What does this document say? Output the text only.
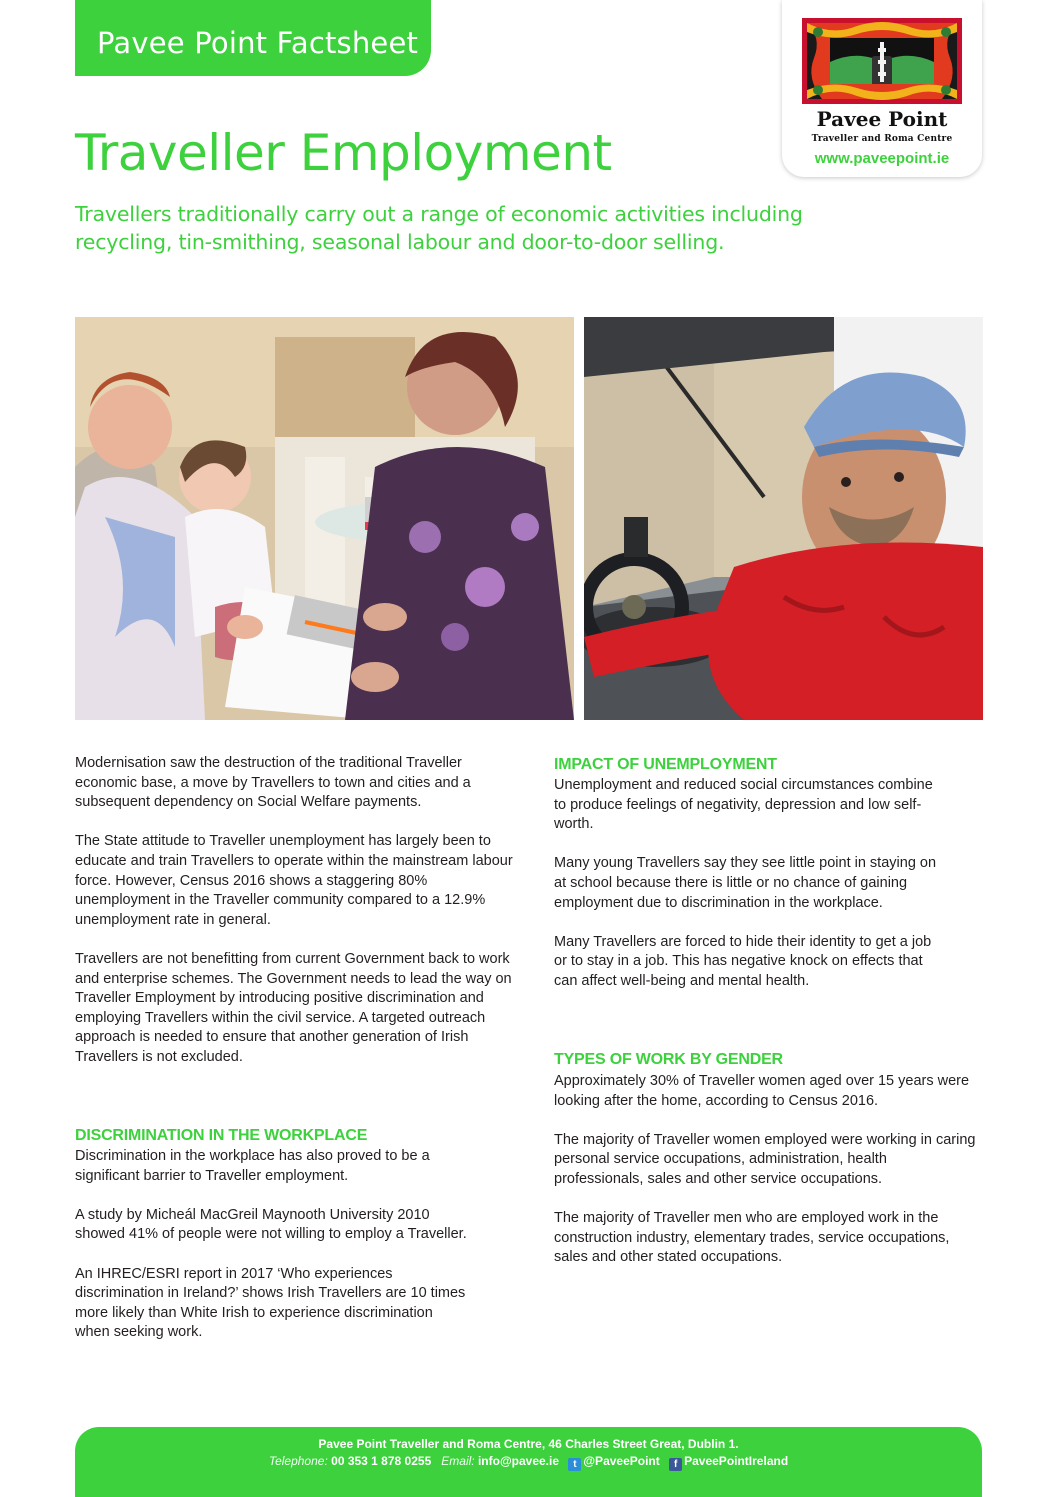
Pavee Point Factsheet
Pavee Point
Traveller and Roma Centre
www.paveepoint.ie
Traveller Employment

Travellers traditionally carry out a range of economic activities including recycling, tin-smithing, seasonal labour and door-to-door selling.

Modernisation saw the destruction of the traditional Traveller economic base, a move by Travellers to town and cities and a subsequent dependency on Social Welfare payments.

The State attitude to Traveller unemployment has largely been to educate and train Travellers to operate within the mainstream labour force. However, Census 2016 shows a staggering 80% unemployment in the Traveller community compared to a 12.9% unemployment rate in general.

Travellers are not benefitting from current Government back to work and enterprise schemes. The Government needs to lead the way on Traveller Employment by introducing positive discrimination and employing Travellers within the civil service. A targeted outreach approach is needed to ensure that another generation of Irish Travellers is not excluded.

DISCRIMINATION IN THE WORKPLACE

Discrimination in the workplace has also proved to be a significant barrier to Traveller employment.

A study by Micheál MacGreil Maynooth University 2010 showed 41% of people were not willing to employ a Traveller.

An IHREC/ESRI report in 2017 ‘Who experiences discrimination in Ireland?’ shows Irish Travellers are 10 times more likely than White Irish to experience discrimination when seeking work.

IMPACT OF UNEMPLOYMENT

Unemployment and reduced social circumstances combine to produce feelings of negativity, depression and low self-worth.

Many young Travellers say they see little point in staying on at school because there is little or no chance of gaining employment due to discrimination in the workplace.

Many Travellers are forced to hide their identity to get a job or to stay in a job. This has negative knock on effects that can affect well-being and mental health.

TYPES OF WORK BY GENDER

Approximately 30% of Traveller women aged over 15 years were looking after the home, according to Census 2016.

The majority of Traveller women employed were working in caring personal service occupations, administration, health professionals, sales and other service occupations.

The majority of Traveller men who are employed work in the construction industry, elementary trades, service occupations, sales and other stated occupations.

Pavee Point Traveller and Roma Centre, 46 Charles Street Great, Dublin 1.
Telephone: 00 353 1 878 0255 Email: info@pavee.ie t @PaveePoint f PaveePointIreland
